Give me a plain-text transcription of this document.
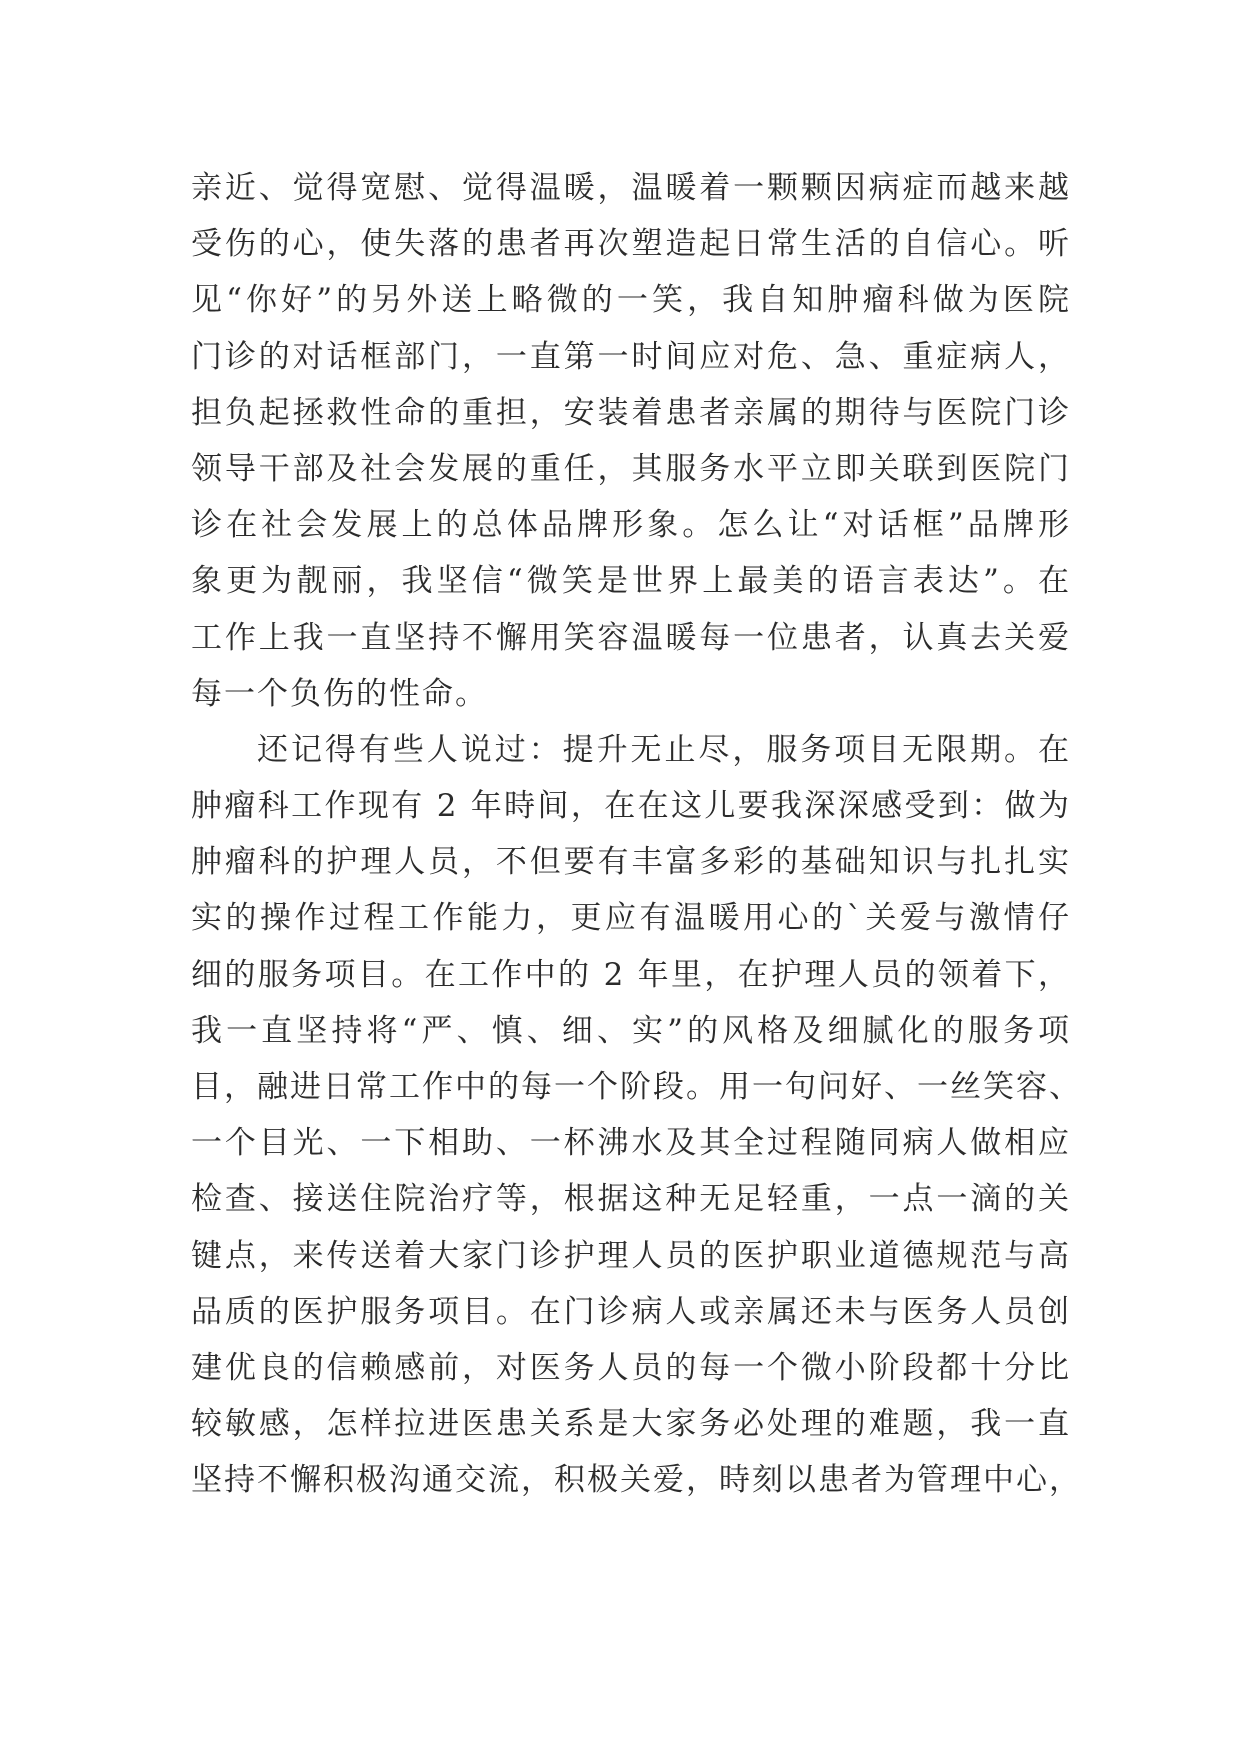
亲近、觉得宽慰、觉得温暖，温暖着一颗颗因病症而越来越
受伤的心，使失落的患者再次塑造起日常生活的自信心。听
见“你好”的另外送上略微的一笑，我自知肿瘤科做为医院
门诊的对话框部门，一直第一时间应对危、急、重症病人，
担负起拯救性命的重担，安装着患者亲属的期待与医院门诊
领导干部及社会发展的重任，其服务水平立即关联到医院门
诊在社会发展上的总体品牌形象。怎么让“对话框”品牌形
象更为靓丽，我坚信“微笑是世界上最美的语言表达”。在
工作上我一直坚持不懈用笑容温暖每一位患者，认真去关爱
每一个负伤的性命。
还记得有些人说过：提升无止尽，服务项目无限期。在
肿瘤科工作现有 2 年時间，在在这儿要我深深感受到：做为
肿瘤科的护理人员，不但要有丰富多彩的基础知识与扎扎实
实的操作过程工作能力，更应有温暖用心的`关爱与激情仔
细的服务项目。在工作中的 2 年里，在护理人员的领着下，
我一直坚持将“严、慎、细、实”的风格及细腻化的服务项
目，融进日常工作中的每一个阶段。用一句问好、一丝笑容、
一个目光、一下相助、一杯沸水及其全过程随同病人做相应
检查、接送住院治疗等，根据这种无足轻重，一点一滴的关
键点，来传送着大家门诊护理人员的医护职业道德规范与高
品质的医护服务项目。在门诊病人或亲属还未与医务人员创
建优良的信赖感前，对医务人员的每一个微小阶段都十分比
较敏感，怎样拉进医患关系是大家务必处理的难题，我一直
坚持不懈积极沟通交流，积极关爱，時刻以患者为管理中心，
